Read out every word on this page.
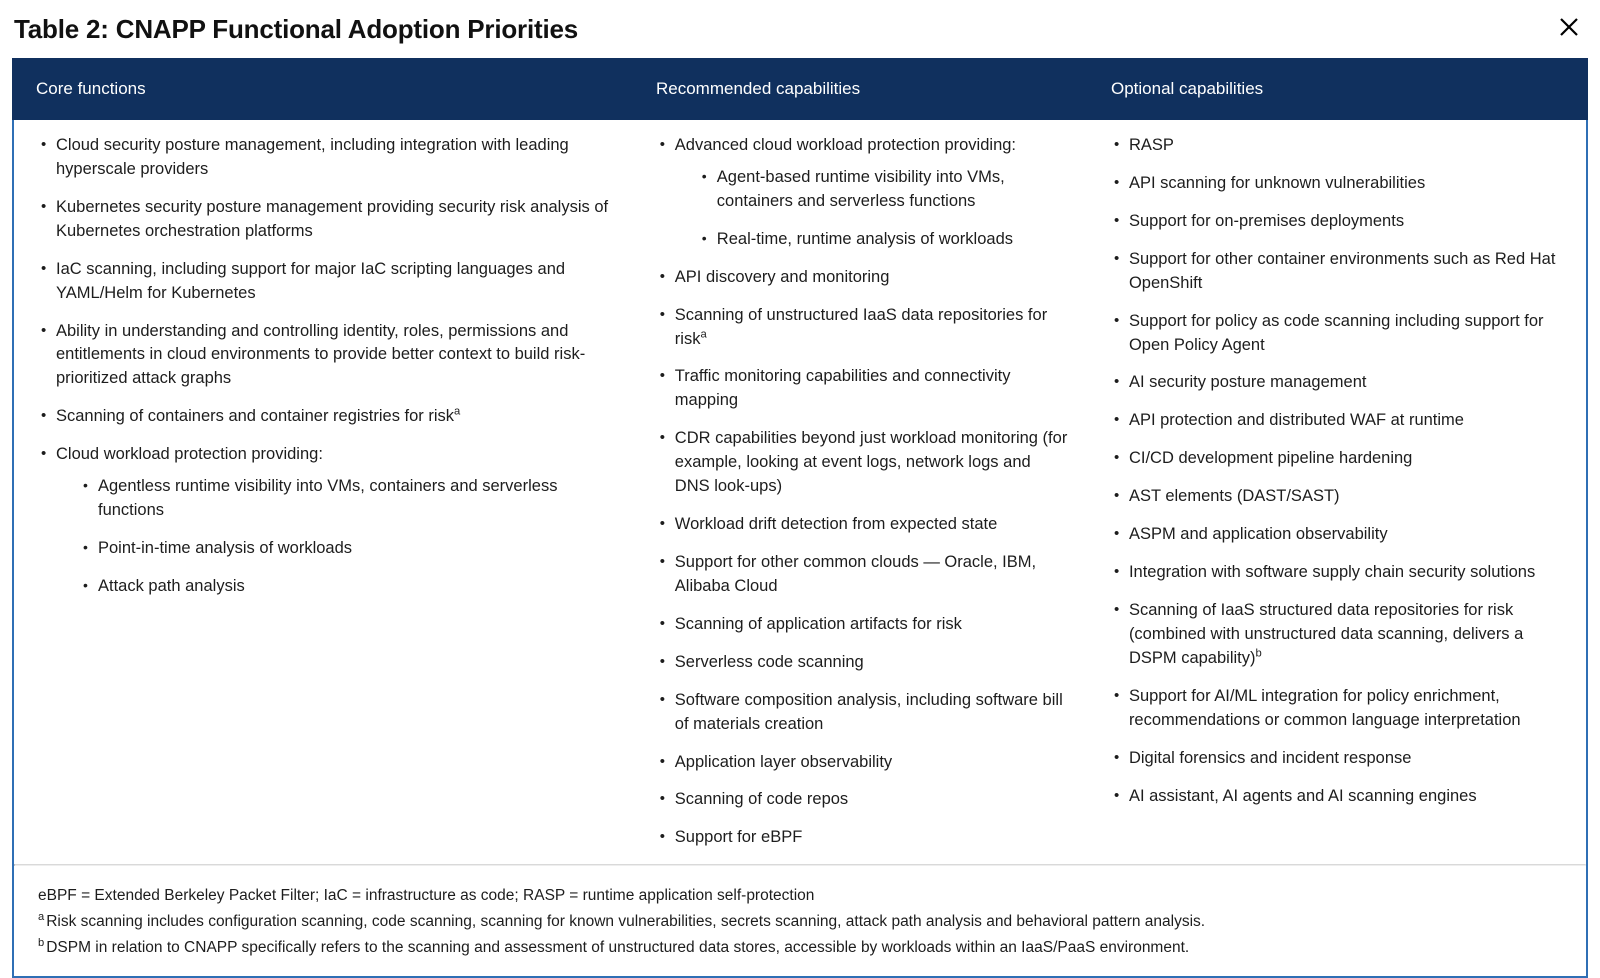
Table 2: CNAPP Functional Adoption Priorities
Core functions	Recommended capabilities	Optional capabilities
• Cloud security posture management, including integration with leading hyperscale providers
• Kubernetes security posture management providing security risk analysis of Kubernetes orchestration platforms
• IaC scanning, including support for major IaC scripting languages and YAML/Helm for Kubernetes
• Ability in understanding and controlling identity, roles, permissions and entitlements in cloud environments to provide better context to build risk-prioritized attack graphs
• Scanning of containers and container registries for risk$^a$
• Cloud workload protection providing:
• Agentless runtime visibility into VMs, containers and serverless functions
• Point-in-time analysis of workloads
• Attack path analysis
• Advanced cloud workload protection providing:
• Agent-based runtime visibility into VMs, containers and serverless functions
• Real-time, runtime analysis of workloads
• API discovery and monitoring
• Scanning of unstructured IaaS data repositories for risk$^a$
• Traffic monitoring capabilities and connectivity mapping
• CDR capabilities beyond just workload monitoring (for example, looking at event logs, network logs and DNS look-ups)
• Workload drift detection from expected state
• Support for other common clouds — Oracle, IBM, Alibaba Cloud
• Scanning of application artifacts for risk
• Serverless code scanning
• Software composition analysis, including software bill of materials creation
• Application layer observability
• Scanning of code repos
• Support for eBPF
• RASP
• API scanning for unknown vulnerabilities
• Support for on-premises deployments
• Support for other container environments such as Red Hat OpenShift
• Support for policy as code scanning including support for Open Policy Agent
• AI security posture management
• API protection and distributed WAF at runtime
• CI/CD development pipeline hardening
• AST elements (DAST/SAST)
• ASPM and application observability
• Integration with software supply chain security solutions
• Scanning of IaaS structured data repositories for risk (combined with unstructured data scanning, delivers a DSPM capability)$^b$
• Support for AI/ML integration for policy enrichment, recommendations or common language interpretation
• Digital forensics and incident response
• AI assistant, AI agents and AI scanning engines

eBPF = Extended Berkeley Packet Filter; IaC = infrastructure as code; RASP = runtime application self-protection

$^a$ Risk scanning includes configuration scanning, code scanning, scanning for known vulnerabilities, secrets scanning, attack path analysis and behavioral pattern analysis.

$^b$ DSPM in relation to CNAPP specifically refers to the scanning and assessment of unstructured data stores, accessible by workloads within an IaaS/PaaS environment.
